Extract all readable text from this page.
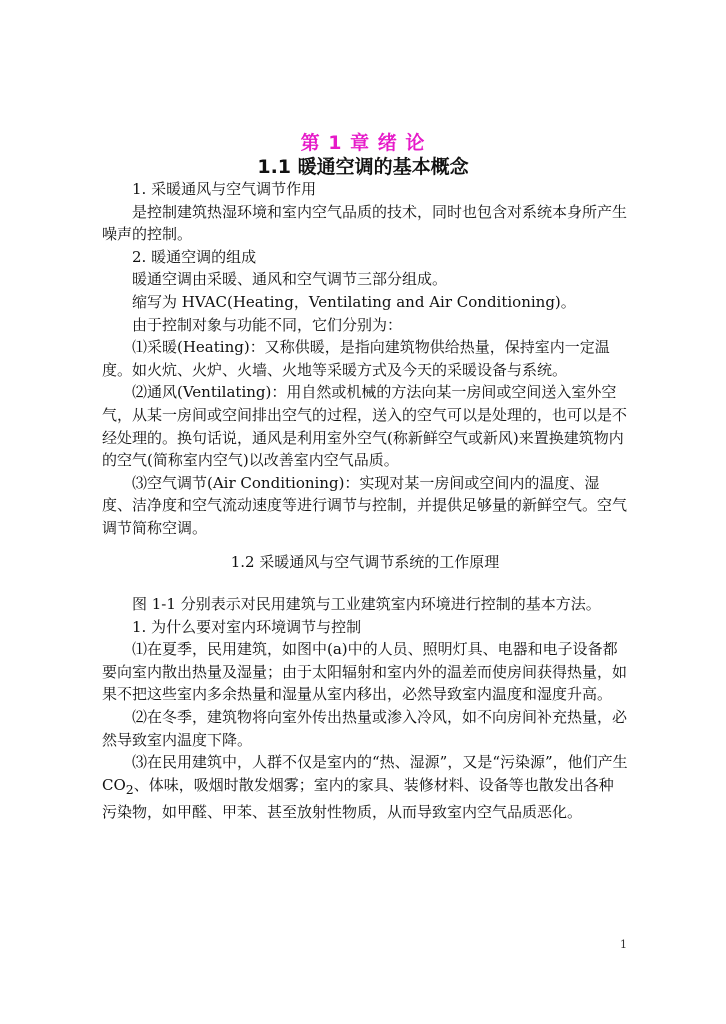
第 1 章 绪 论
1.1 暖通空调的基本概念

1. 采暖通风与空气调节作用

是控制建筑热湿环境和室内空气品质的技术，同时也包含对系统本身所产生噪声的控制。

2. 暖通空调的组成

暖通空调由采暖、通风和空气调节三部分组成。

缩写为 HVAC(Heating，Ventilating and Air Conditioning)。

由于控制对象与功能不同，它们分别为：

⑴采暖(Heating)：又称供暖，是指向建筑物供给热量，保持室内一定温度。如火炕、火炉、火墙、火地等采暖方式及今天的采暖设备与系统。

⑵通风(Ventilating)：用自然或机械的方法向某一房间或空间送入室外空气，从某一房间或空间排出空气的过程，送入的空气可以是处理的，也可以是不经处理的。换句话说，通风是利用室外空气(称新鲜空气或新风)来置换建筑物内的空气(简称室内空气)以改善室内空气品质。

⑶空气调节(Air Conditioning)：实现对某一房间或空间内的温度、湿度、洁净度和空气流动速度等进行调节与控制，并提供足够量的新鲜空气。空气调节简称空调。

1.2 采暖通风与空气调节系统的工作原理

图 1-1 分别表示对民用建筑与工业建筑室内环境进行控制的基本方法。

1. 为什么要对室内环境调节与控制

⑴在夏季，民用建筑，如图中(a)中的人员、照明灯具、电器和电子设备都要向室内散出热量及湿量；由于太阳辐射和室内外的温差而使房间获得热量，如果不把这些室内多余热量和湿量从室内移出，必然导致室内温度和湿度升高。

⑵在冬季，建筑物将向室外传出热量或渗入冷风，如不向房间补充热量，必然导致室内温度下降。

⑶在民用建筑中，人群不仅是室内的“热、湿源”，又是“污染源”，他们产生 $CO_2$、体味，吸烟时散发烟雾；室内的家具、装修材料、设备等也散发出各种污染物，如甲醛、甲苯、甚至放射性物质，从而导致室内空气品质恶化。

1
